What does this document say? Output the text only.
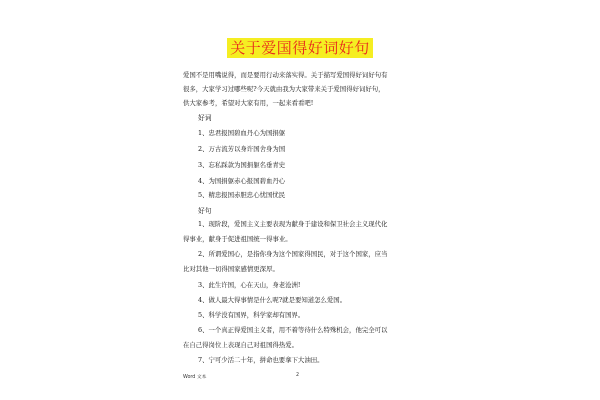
关于爱国得好词好句
爱国不是用嘴说得，而是要用行动来落实得。关于描写爱国得好词好句有
很多，大家学习过哪些呢?今天就由我为大家带来关于爱国得好词好句，
供大家参考，希望对大家有用，一起来看看吧!
好词
1、忠君报国碧血丹心为国捐躯
2、万古流芳以身许国舍身为国
3、忘私踩款为国捐躯名垂青史
4、为国捐躯赤心报国碧血丹心
5、精忠报国赤胆忠心忧国忧民
好句
1、现阶段，爱国主义主要表现为献身于建设和保卫社会主义现代化
得事业，献身于促进祖国统一得事业。
2、所谓爱国心，是指你身为这个国家得国民，对于这个国家，应当
比对其他一切得国家感情更深厚。
3、此生许国，心在天山，身老沧洲!
4、做人最大得事情是什么呢?就是要知道怎么爱国。
5、科学没有国界，科学家却有国界。
6、一个真正得爱国主义者，用不着等待什么特殊机会，他完全可以
在自己得岗位上表现自己对祖国得热爱。
7、宁可少活二十年，拼命也要拿下大油田。
Word 文本	2
